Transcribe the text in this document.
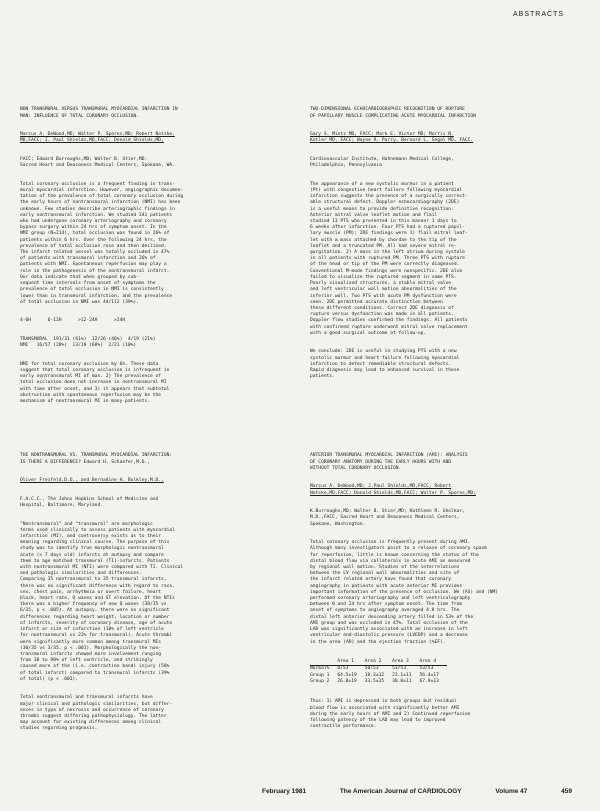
ABSTRACTS

NON TRANSMURAL VERSUS TRANSMURAL MYOCARDIAL INFARCTION IN
MAN: INFLUENCE OF TOTAL CORONARY OCCLUSION.

Marcus A. DeWood,MD; Walter P. Spores,MD; Robert Notske,
MD,FACC; J. Paul Shields,MD,FACC; Donald Shields,MD,

FACC; Edward Burroughs,MD; Walter B. Stier,MD.
Sacred Heart and Deaconess Medical Centers, Spokane, WA.

Total coronary occlusion is a frequent finding in trans-
mural myocardial infarction. However, angiographic documen-
tation of the prevalence of total coronary occlusion during
the early hours of nontransmural infarction (NMI) has been
unknown. Few studies describe arteriographic findings in
early nontransmural infarction. We studied 341 patients
who had undergone coronary arteriography and coronary
bypass surgery within 24 hrs of symptom onset. In the
NMI group (N=214), total occlusion was found in 26% of
patients within 6 hrs. Over the following 24 hrs, the
prevalence of total occlusion rose and then declined.
The infarct related vessel was totally occluded in 47%
of patients with transmural infarction and 26% of
patients with NMI. Spontaneous reperfusion may play a
role in the pathogenesis of the nontransmural infarct.
Our data indicate that when grouped by sub-
sequent time intervals from onset of symptoms the
prevalence of total occlusion in NMI is consistently
lower than in transmural infarction, and the prevalence
of total occlusion in NMI was 44/112 (39%).

4-6H      6-12H      >12-24H      >24H

TRANSMURAL  191/31 (61%)  12/26 (46%)  4/19 (21%)
NMI   16/57 (28%)  13/19 (68%)  2/21 (10%)

NMI for total coronary occlusion by 6h. These data
suggest that total coronary occlusion is infrequent in
early nontransmural MI of man. 2) The prevalence of
total occlusion does not increase in nontransmural MI
with time after onset, and 3) it appears that subtotal
obstruction with spontaneous reperfusion may be the
mechanism of nontransmural MI in many patients.

TWO-DIMENSIONAL ECHOCARDIOGRAPHIC RECOGNITION OF RUPTURE
OF PAPILLARY MUSCLE COMPLICATING ACUTE MYOCARDIAL INFARCTION

Gary S. Mintz MD, FACC; Mark E. Victor MD; Morris N.
Kotler MD, FACC; Wayne R. Parry, Bernard L. Segal MD, FACC.

Cardiovascular Institute, Hahnemann Medical College,
Philadelphia, Pennsylvania

The appearance of a new systolic murmur in a patient
(Pt) with congestive heart failure following myocardial
infarction suggests the presence of a surgically correct-
able structural defect. Doppler echocardiography (2DE)
is a useful means to provide definitive recognition.
Anterior mitral valve leaflet motion and flail
studied 13 PTS who presented in this manner 1 days to
6 weeks after infarction. Four PTS had a ruptured papil-
lary muscle (PM); 2DE findings were 1) flail mitral leaf-
let with a mass attached by chordae to the tip of the
leaflet and a truncated PM. All had severe mitral re-
gurgitation. 2) A mass in the left atrium during systole
in all patients with ruptured PM. Three PTS with rupture
of the head or tip of the PM were correctly diagnosed.
Conventional M-mode findings were nonspecific. 2DE also
failed to visualize the ruptured segment in some PTS.
Poorly visualized structures, a stable mitral valve
and left ventricular wall motion abnormalities of the
inferior wall. Two PTS with acute PM dysfunction were
seen. 2DE permitted accurate distinction between
these different conditions. Correct 2DE diagnosis of
rupture versus dysfunction was made in all patients.
Doppler flow studies confirmed the findings. All patients
with confirmed rupture underwent mitral valve replacement
with a good surgical outcome at follow-up.

We conclude: 2DE is useful in studying PTS with a new
systolic murmur and heart failure following myocardial
infarction to detect remediable structural defects.
Rapid diagnosis may lead to enhanced survival in these
patients.

THE NONTRANSMURAL VS. TRANSMURAL MYOCARDIAL INFARCTION:
IS THERE A DIFFERENCE? Edward H. Schaefer,M.D.,

Oliver Freifeld,D.O., and Bernadine H. Bulkley,M.D.,

F.A.C.C., The Johns Hopkins School of Medicine and
Hospital, Baltimore, Maryland.

"Nontransmural" and "transmural" are morphologic
terms used clinically to assess patients with myocardial
infarction (MI), and controversy exists as to their
meaning regarding clinical course. The purpose of this
study was to identify true morphologic nontransmural
acute (< 7 days old) infarcts at autopsy and compare
them to age matched transmural (TI)-infarcts. Patients
with nontransmural MI (NTI) were compared with TI. Clinical
and pathologic similarities and differences.
Comparing 35 nontransmural to 35 transmural infarcts,
there was no significant difference with regard to race,
sex, chest pain, arrhythmia or overt failure, heart
block, heart rate, Q waves and ST elevation. Of the NTIs
there was a higher frequency of new Q waves (38/35 vs
6/35, p < .005). At autopsy, there were no significant
differences regarding heart weight, location or number
of infarcts, severity of coronary disease, age of acute
infarct or size of infarction (10% of left ventricle
for nontransmural vs 22% for transmural). Acute thrombi
were significantly more common among transmural MIs
(30/35 vs 3/35, p < .001). Morphologically the non-
transmural infarcts showed more involvement ranging
from 30 to 90% of left ventricle, and strikingly
caused more of the (i.e. contraction band) injury (58%
of total infarct) compared to transmural infarcts (39%
of total) (p < .001).

Total nontransmural and transmural infarcts have
major clinical and pathologic similarities, but differ-
ences in type of necrosis and occurrence of coronary
thrombi suggest differing pathophysiology. The latter
may account for existing differences among clinical
studies regarding prognosis.

ANTERIOR TRANSMURAL MYOCARDIAL INFARCTION (AMI): ANALYSIS
OF CORONARY ANATOMY DURING THE EARLY HOURS WITH AND
WITHOUT TOTAL CORONARY OCCLUSION.

Marcus A. DeWood,MD; J.Paul Shields,MD,FACC; Robert
Notske,MD,FACC; Donald Shields,MD,FACC; Walter P. Spores,MD;

K.Burroughs,MD; Walter B. Stier,MD; Kathleen R. Gholkar,
M.D.,FACC, Sacred Heart and Deaconess Medical Centers,
Spokane, Washington.

Total coronary occlusion is frequently present during AMI.
Although many investigators point to a release of coronary spasm
for reperfusion, little is known concerning the status of the
distal blood flow via collaterals in acute AMI as measured
by regional wall motion. Studies of the interrelations
between the LV regional wall abnormalities and site of
the infarct related artery have found that coronary
angiography in patients with acute anterior MI provides
important information of the presence of occlusion. We (AS) and (NM)
performed coronary arteriography and left ventriculography
between 0 and 24 hrs after symptom onset. The time from
onset of symptoms to angiography averaged 4.8 hrs. The
distal left anterior descending artery filled in 53% of the
AMI group and was occluded in 47%. Total occlusion of the
LAD was significantly associated with an increase in left
ventricular end-diastolic pressure (LVEDP) and a decrease
in the area (AR) and the ejection fraction (%EF).

	Area 1	Area 2	Area 3	Area 4
Normal%	8/53	50/53	53/53	53/53
Group 1	64.5±19	18.3±12	23.1±11	56.4±17
Group 2	26.8±19	33.5±15	30.8±11	67.9±13

Thus: 1) AMI is depressed in both groups but residual
blood flow is associated with significantly better AMI
during the early hours of AMI and 2) Continued reperfusion
following patency of the LAD may lead to improved
contractile performance.

February 1981	The American Journal of CARDIOLOGY	Volume 47	459
